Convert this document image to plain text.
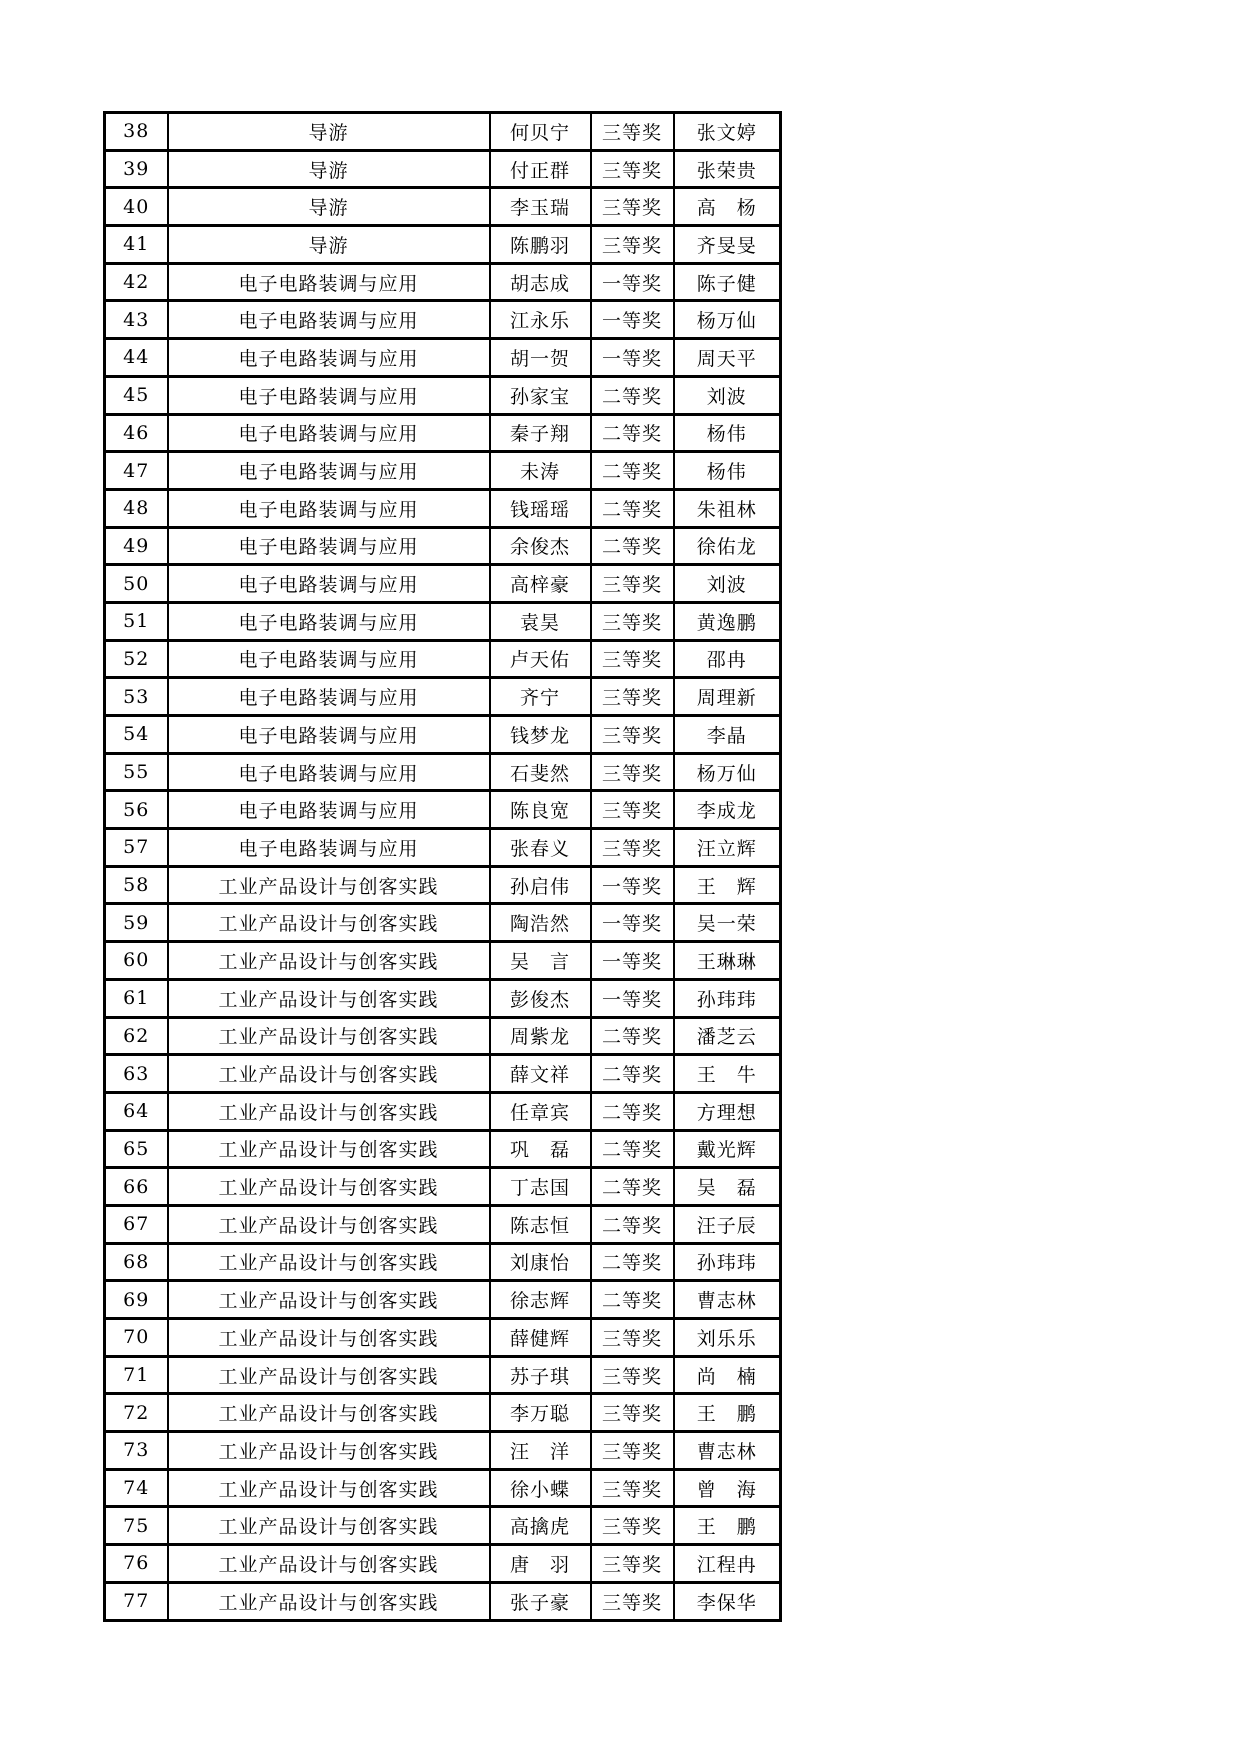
38	导游	何贝宁	三等奖	张文婷
39	导游	付正群	三等奖	张荣贵
40	导游	李玉瑞	三等奖	高　杨
41	导游	陈鹏羽	三等奖	齐旻旻
42	电子电路装调与应用	胡志成	一等奖	陈子健
43	电子电路装调与应用	江永乐	一等奖	杨万仙
44	电子电路装调与应用	胡一贺	一等奖	周天平
45	电子电路装调与应用	孙家宝	二等奖	刘波
46	电子电路装调与应用	秦子翔	二等奖	杨伟
47	电子电路装调与应用	未涛	二等奖	杨伟
48	电子电路装调与应用	钱瑶瑶	二等奖	朱祖林
49	电子电路装调与应用	余俊杰	二等奖	徐佑龙
50	电子电路装调与应用	高梓豪	三等奖	刘波
51	电子电路装调与应用	袁昊	三等奖	黄逸鹏
52	电子电路装调与应用	卢天佑	三等奖	邵冉
53	电子电路装调与应用	齐宁	三等奖	周理新
54	电子电路装调与应用	钱梦龙	三等奖	李晶
55	电子电路装调与应用	石斐然	三等奖	杨万仙
56	电子电路装调与应用	陈良宽	三等奖	李成龙
57	电子电路装调与应用	张春义	三等奖	汪立辉
58	工业产品设计与创客实践	孙启伟	一等奖	王　辉
59	工业产品设计与创客实践	陶浩然	一等奖	吴一荣
60	工业产品设计与创客实践	吴　言	一等奖	王琳琳
61	工业产品设计与创客实践	彭俊杰	一等奖	孙玮玮
62	工业产品设计与创客实践	周紫龙	二等奖	潘芝云
63	工业产品设计与创客实践	薛文祥	二等奖	王　牛
64	工业产品设计与创客实践	任章宾	二等奖	方理想
65	工业产品设计与创客实践	巩　磊	二等奖	戴光辉
66	工业产品设计与创客实践	丁志国	二等奖	吴　磊
67	工业产品设计与创客实践	陈志恒	二等奖	汪子辰
68	工业产品设计与创客实践	刘康怡	二等奖	孙玮玮
69	工业产品设计与创客实践	徐志辉	二等奖	曹志林
70	工业产品设计与创客实践	薛健辉	三等奖	刘乐乐
71	工业产品设计与创客实践	苏子琪	三等奖	尚　楠
72	工业产品设计与创客实践	李万聪	三等奖	王　鹏
73	工业产品设计与创客实践	汪　洋	三等奖	曹志林
74	工业产品设计与创客实践	徐小蝶	三等奖	曾　海
75	工业产品设计与创客实践	高擒虎	三等奖	王　鹏
76	工业产品设计与创客实践	唐　羽	三等奖	江程冉
77	工业产品设计与创客实践	张子豪	三等奖	李保华
